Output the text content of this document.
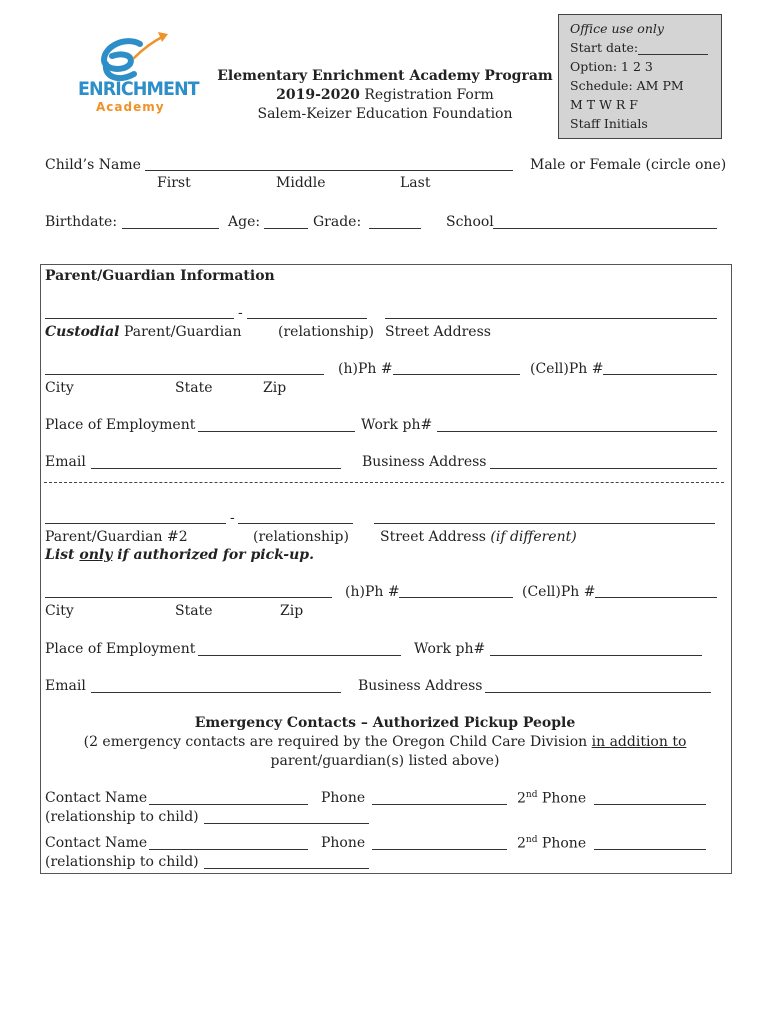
ENRICHMENT
Academy
Elementary Enrichment Academy Program
2019-2020 Registration Form
Salem-Keizer Education Foundation
Office use only
Start date:
Option: 1 2 3
Schedule: AM PM
M T W R F
Staff Initials
Child’s Name	Male or Female (circle one)
First	Middle	Last
Birthdate:	Age:	Grade:	School
Parent/Guardian Information
-
Custodial Parent/Guardian	(relationship) Street Address
(h)Ph #	(Cell)Ph #
City	State	Zip
Place of Employment	Work ph#
Email	Business Address
-
Parent/Guardian #2	(relationship) Street Address (if different)
List only if authorized for pick-up.
(h)Ph #	(Cell)Ph #
City	State	Zip
Place of Employment	Work ph#
Email	Business Address
Emergency Contacts – Authorized Pickup People
(2 emergency contacts are required by the Oregon Child Care Division in addition to
parent/guardian(s) listed above)
Contact Name	Phone	2nd Phone
(relationship to child)
Contact Name	Phone	2nd Phone
(relationship to child)
